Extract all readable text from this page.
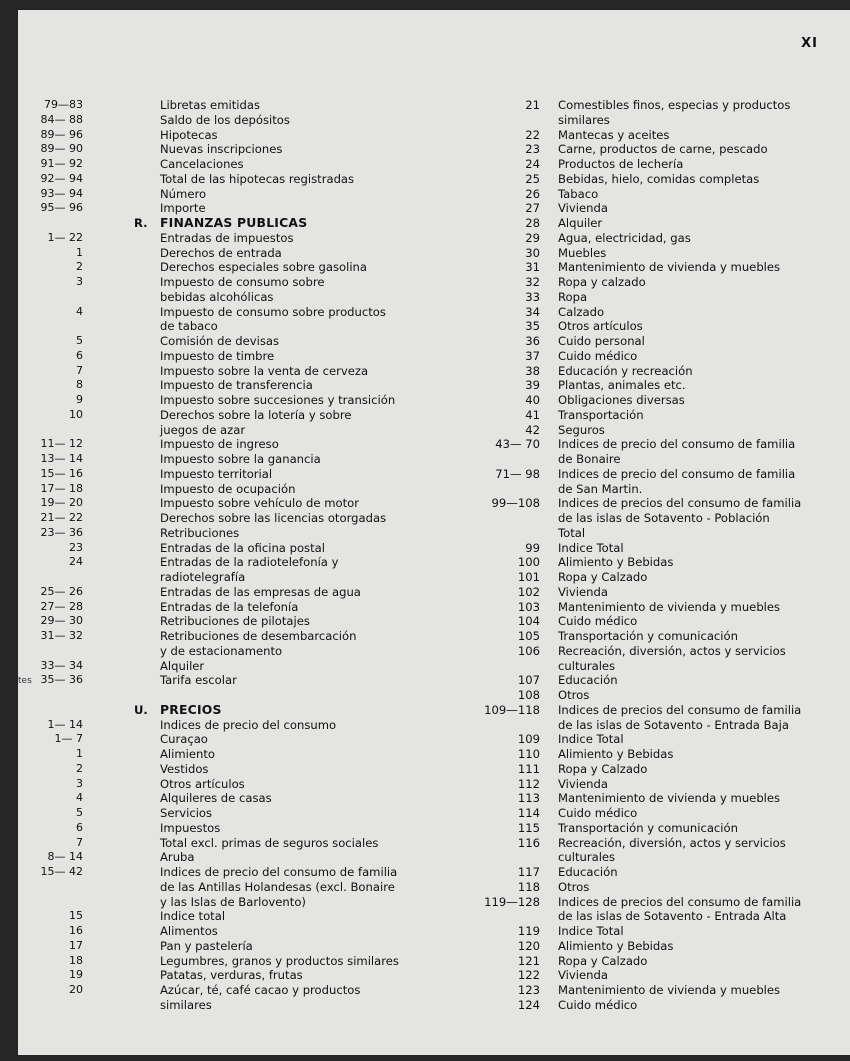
XI
tes
79—83	Libretas emitidas
84— 88	Saldo de los depósitos
89— 96	Hipotecas
89— 90	Nuevas inscripciones
91— 92	Cancelaciones
92— 94	Total de las hipotecas registradas
93— 94	Número
95— 96	Importe
R. FINANZAS PUBLICAS
1— 22	Entradas de impuestos
1	Derechos de entrada
2	Derechos especiales sobre gasolina
3	Impuesto de consumo sobre
bebidas alcohólicas
4	Impuesto de consumo sobre productos
de tabaco
5	Comisión de devisas
6	Impuesto de timbre
7	Impuesto sobre la venta de cerveza
8	Impuesto de transferencia
9	Impuesto sobre succesiones y transición
10	Derechos sobre la lotería y sobre
juegos de azar
11— 12	Impuesto de ingreso
13— 14	Impuesto sobre la ganancia
15— 16	Impuesto territorial
17— 18	Impuesto de ocupación
19— 20	Impuesto sobre vehículo de motor
21— 22	Derechos sobre las licencias otorgadas
23— 36	Retribuciones
23	Entradas de la oficina postal
24	Entradas de la radiotelefonía y
radiotelegrafía
25— 26	Entradas de las empresas de agua
27— 28	Entradas de la telefonía
29— 30	Retribuciones de pilotajes
31— 32	Retribuciones de desembarcación
y de estacionamento
33— 34	Alquiler
35— 36	Tarifa escolar
U. PRECIOS
1— 14	Indices de precio del consumo
1— 7	Curaçao
1	Alimiento
2	Vestidos
3	Otros artículos
4	Alquileres de casas
5	Servicios
6	Impuestos
7	Total excl. primas de seguros sociales
8— 14	Aruba
15— 42	Indices de precio del consumo de familia
de las Antillas Holandesas (excl. Bonaire
y las Islas de Barlovento)
15	Indice total
16	Alimentos
17	Pan y pastelería
18	Legumbres, granos y productos similares
19	Patatas, verduras, frutas
20	Azúcar, té, café cacao y productos
similares
21 Comestibles finos, especias y productos
similares
22 Mantecas y aceites
23 Carne, productos de carne, pescado
24 Productos de lechería
25 Bebidas, hielo, comidas completas
26 Tabaco
27 Vivienda
28 Alquiler
29 Agua, electricidad, gas
30 Muebles
31 Mantenimiento de vivienda y muebles
32 Ropa y calzado
33 Ropa
34 Calzado
35 Otros artículos
36 Cuido personal
37 Cuido médico
38 Educación y recreación
39 Plantas, animales etc.
40 Obligaciones diversas
41 Transportación
42 Seguros
43— 70 Indices de precio del consumo de familia
de Bonaire
71— 98 Indices de precio del consumo de familia
de San Martin.
99—108 Indices de precios del consumo de familia
de las islas de Sotavento - Población
Total
99 Indice Total
100 Alimiento y Bebidas
101 Ropa y Calzado
102 Vivienda
103 Mantenimiento de vivienda y muebles
104 Cuido médico
105 Transportación y comunicación
106 Recreación, diversión, actos y servicios
culturales
107 Educación
108 Otros
109—118 Indices de precios del consumo de familia
de las islas de Sotavento - Entrada Baja
109 Indice Total
110 Alimiento y Bebidas
111 Ropa y Calzado
112 Vivienda
113 Mantenimiento de vivienda y muebles
114 Cuido médico
115 Transportación y comunicación
116 Recreación, diversión, actos y servicios
culturales
117 Educación
118 Otros
119—128 Indices de precios del consumo de familia
de las islas de Sotavento - Entrada Alta
119 Indice Total
120 Alimiento y Bebidas
121 Ropa y Calzado
122 Vivienda
123 Mantenimiento de vivienda y muebles
124 Cuido médico
